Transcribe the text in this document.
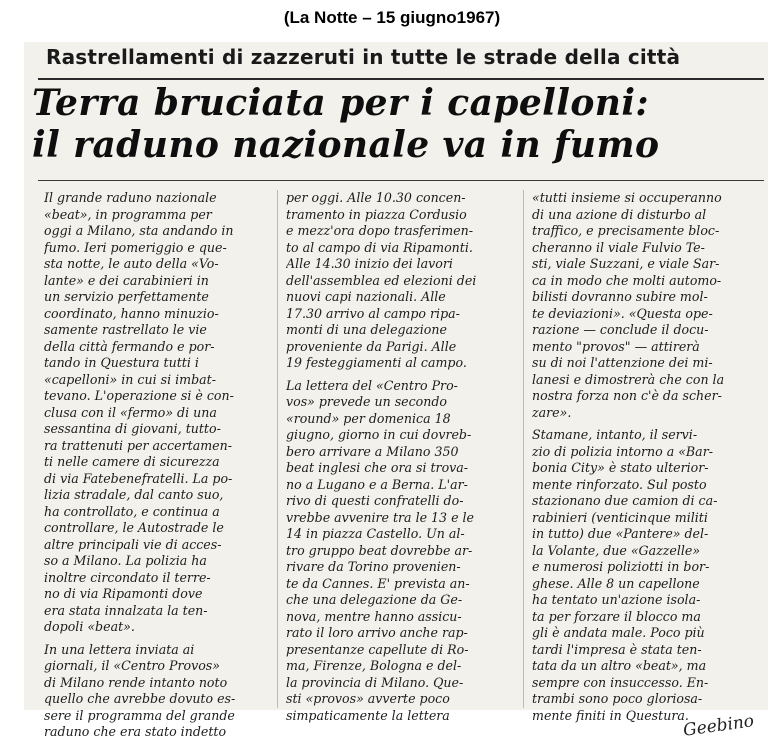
(La Notte – 15 giugno1967)
Rastrellamenti di zazzeruti in tutte le strade della città
Terra bruciata per i capelloni:
il raduno nazionale va in fumo
Il grande raduno nazionale
«beat», in programma per
oggi a Milano, sta andando in
fumo. Ieri pomeriggio e que-
sta notte, le auto della «Vo-
lante» e dei carabinieri in
un servizio perfettamente
coordinato, hanno minuzio-
samente rastrellato le vie
della città fermando e por-
tando in Questura tutti i
«capelloni» in cui si imbat-
tevano. L'operazione si è con-
clusa con il «fermo» di una
sessantina di giovani, tutto-
ra trattenuti per accertamen-
ti nelle camere di sicurezza
di via Fatebenefratelli. La po-
lizia stradale, dal canto suo,
ha controllato, e continua a
controllare, le Autostrade le
altre principali vie di acces-
so a Milano. La polizia ha
inoltre circondato il terre-
no di via Ripamonti dove
era stata innalzata la ten-
dopoli «beat».
In una lettera inviata ai
giornali, il «Centro Provos»
di Milano rende intanto noto
quello che avrebbe dovuto es-
sere il programma del grande
raduno che era stato indetto
per oggi. Alle 10.30 concen-
tramento in piazza Cordusio
e mezz'ora dopo trasferimen-
to al campo di via Ripamonti.
Alle 14.30 inizio dei lavori
dell'assemblea ed elezioni dei
nuovi capi nazionali. Alle
17.30 arrivo al campo ripa-
monti di una delegazione
proveniente da Parigi. Alle
19 festeggiamenti al campo.
La lettera del «Centro Pro-
vos» prevede un secondo
«round» per domenica 18
giugno, giorno in cui dovreb-
bero arrivare a Milano 350
beat inglesi che ora si trova-
no a Lugano e a Berna. L'ar-
rivo di questi confratelli do-
vrebbe avvenire tra le 13 e le
14 in piazza Castello. Un al-
tro gruppo beat dovrebbe ar-
rivare da Torino provenien-
te da Cannes. E' prevista an-
che una delegazione da Ge-
nova, mentre hanno assicu-
rato il loro arrivo anche rap-
presentanze capellute di Ro-
ma, Firenze, Bologna e del-
la provincia di Milano. Que-
sti «provos» avverte poco
simpaticamente la lettera
«tutti insieme si occuperanno
di una azione di disturbo al
traffico, e precisamente bloc-
cheranno il viale Fulvio Te-
sti, viale Suzzani, e viale Sar-
ca in modo che molti automo-
bilisti dovranno subire mol-
te deviazioni». «Questa ope-
razione — conclude il docu-
mento "provos" — attirerà
su di noi l'attenzione dei mi-
lanesi e dimostrerà che con la
nostra forza non c'è da scher-
zare».
Stamane, intanto, il servi-
zio di polizia intorno a «Bar-
bonia City» è stato ulterior-
mente rinforzato. Sul posto
stazionano due camion di ca-
rabinieri (venticinque militi
in tutto) due «Pantere» del-
la Volante, due «Gazzelle»
e numerosi poliziotti in bor-
ghese. Alle 8 un capellone
ha tentato un'azione isola-
ta per forzare il blocco ma
gli è andata male. Poco più
tardi l'impresa è stata ten-
tata da un altro «beat», ma
sempre con insuccesso. En-
trambi sono poco gloriosa-
mente finiti in Questura.
Geebino
